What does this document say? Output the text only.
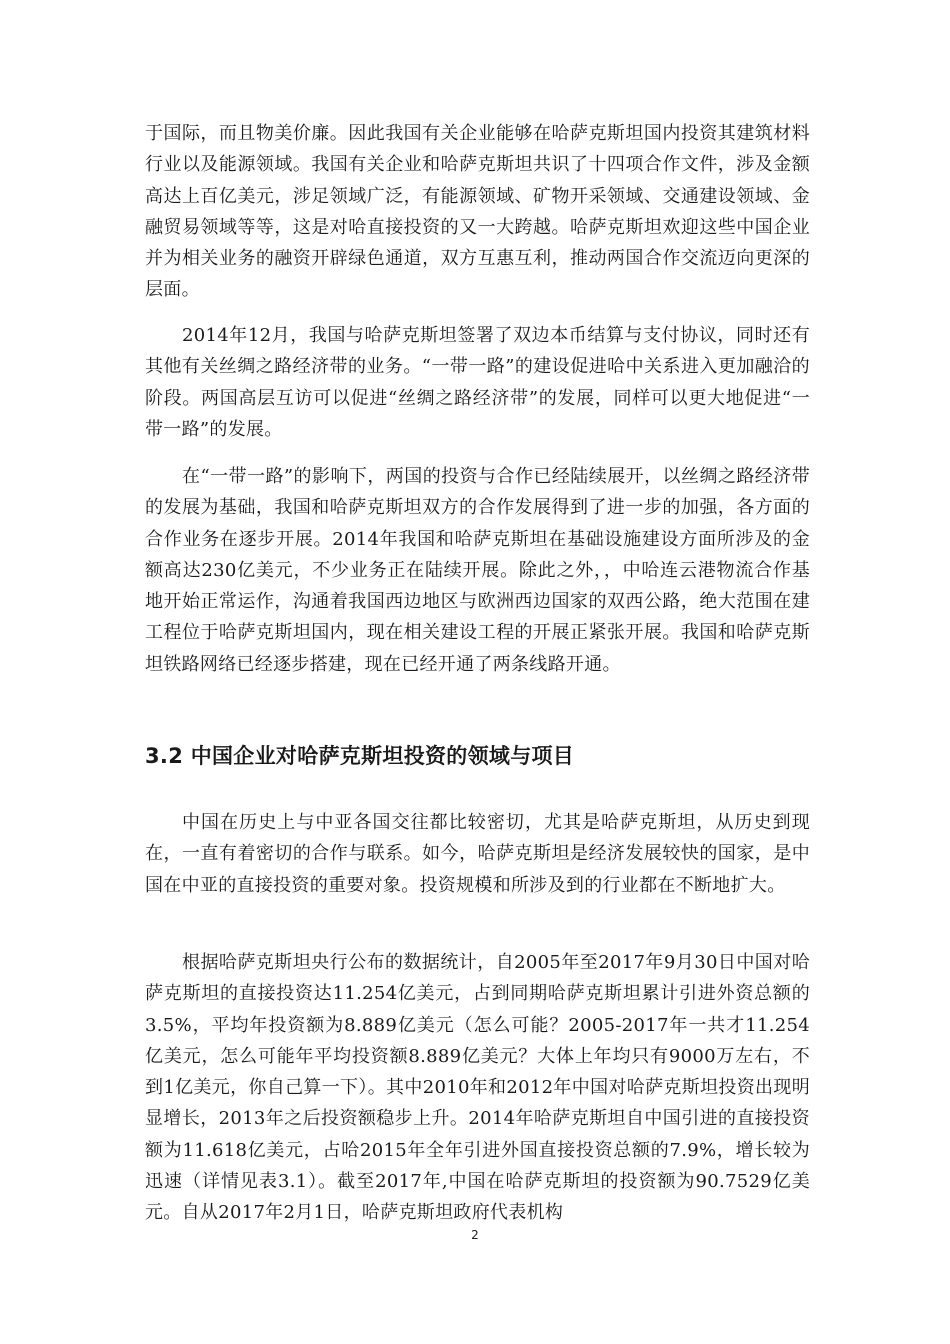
于国际，而且物美价廉。因此我国有关企业能够在哈萨克斯坦国内投资其建筑材料行业以及能源领域。我国有关企业和哈萨克斯坦共识了十四项合作文件，涉及金额高达上百亿美元，涉足领域广泛，有能源领域、矿物开采领域、交通建设领域、金融贸易领域等等，这是对哈直接投资的又一大跨越。哈萨克斯坦欢迎这些中国企业并为相关业务的融资开辟绿色通道，双方互惠互利，推动两国合作交流迈向更深的层面。

2014年12月，我国与哈萨克斯坦签署了双边本币结算与支付协议，同时还有其他有关丝绸之路经济带的业务。“一带一路”的建设促进哈中关系进入更加融洽的阶段。两国高层互访可以促进“丝绸之路经济带”的发展，同样可以更大地促进“一带一路”的发展。

在“一带一路”的影响下，两国的投资与合作已经陆续展开，以丝绸之路经济带的发展为基础，我国和哈萨克斯坦双方的合作发展得到了进一步的加强，各方面的合作业务在逐步开展。2014年我国和哈萨克斯坦在基础设施建设方面所涉及的金额高达230亿美元，不少业务正在陆续开展。除此之外，，中哈连云港物流合作基地开始正常运作，沟通着我国西边地区与欧洲西边国家的双西公路，绝大范围在建工程位于哈萨克斯坦国内，现在相关建设工程的开展正紧张开展。我国和哈萨克斯坦铁路网络已经逐步搭建，现在已经开通了两条线路开通。

3.2 中国企业对哈萨克斯坦投资的领域与项目

中国在历史上与中亚各国交往都比较密切，尤其是哈萨克斯坦，从历史到现在，一直有着密切的合作与联系。如今，哈萨克斯坦是经济发展较快的国家，是中国在中亚的直接投资的重要对象。投资规模和所涉及到的行业都在不断地扩大。

根据哈萨克斯坦央行公布的数据统计，自2005年至2017年9月30日中国对哈萨克斯坦的直接投资达11.254亿美元，占到同期哈萨克斯坦累计引进外资总额的3.5%，平均年投资额为8.889亿美元（怎么可能？2005-2017年一共才11.254亿美元，怎么可能年平均投资额8.889亿美元？大体上年均只有9000万左右，不到1亿美元，你自己算一下）。其中2010年和2012年中国对哈萨克斯坦投资出现明显增长，2013年之后投资额稳步上升。2014年哈萨克斯坦自中国引进的直接投资额为11.618亿美元，占哈2015年全年引进外国直接投资总额的7.9%，增长较为迅速（详情见表3.1）。截至2017年,中国在哈萨克斯坦的投资额为90.7529亿美元。自从2017年2月1日，哈萨克斯坦政府代表机构

2
